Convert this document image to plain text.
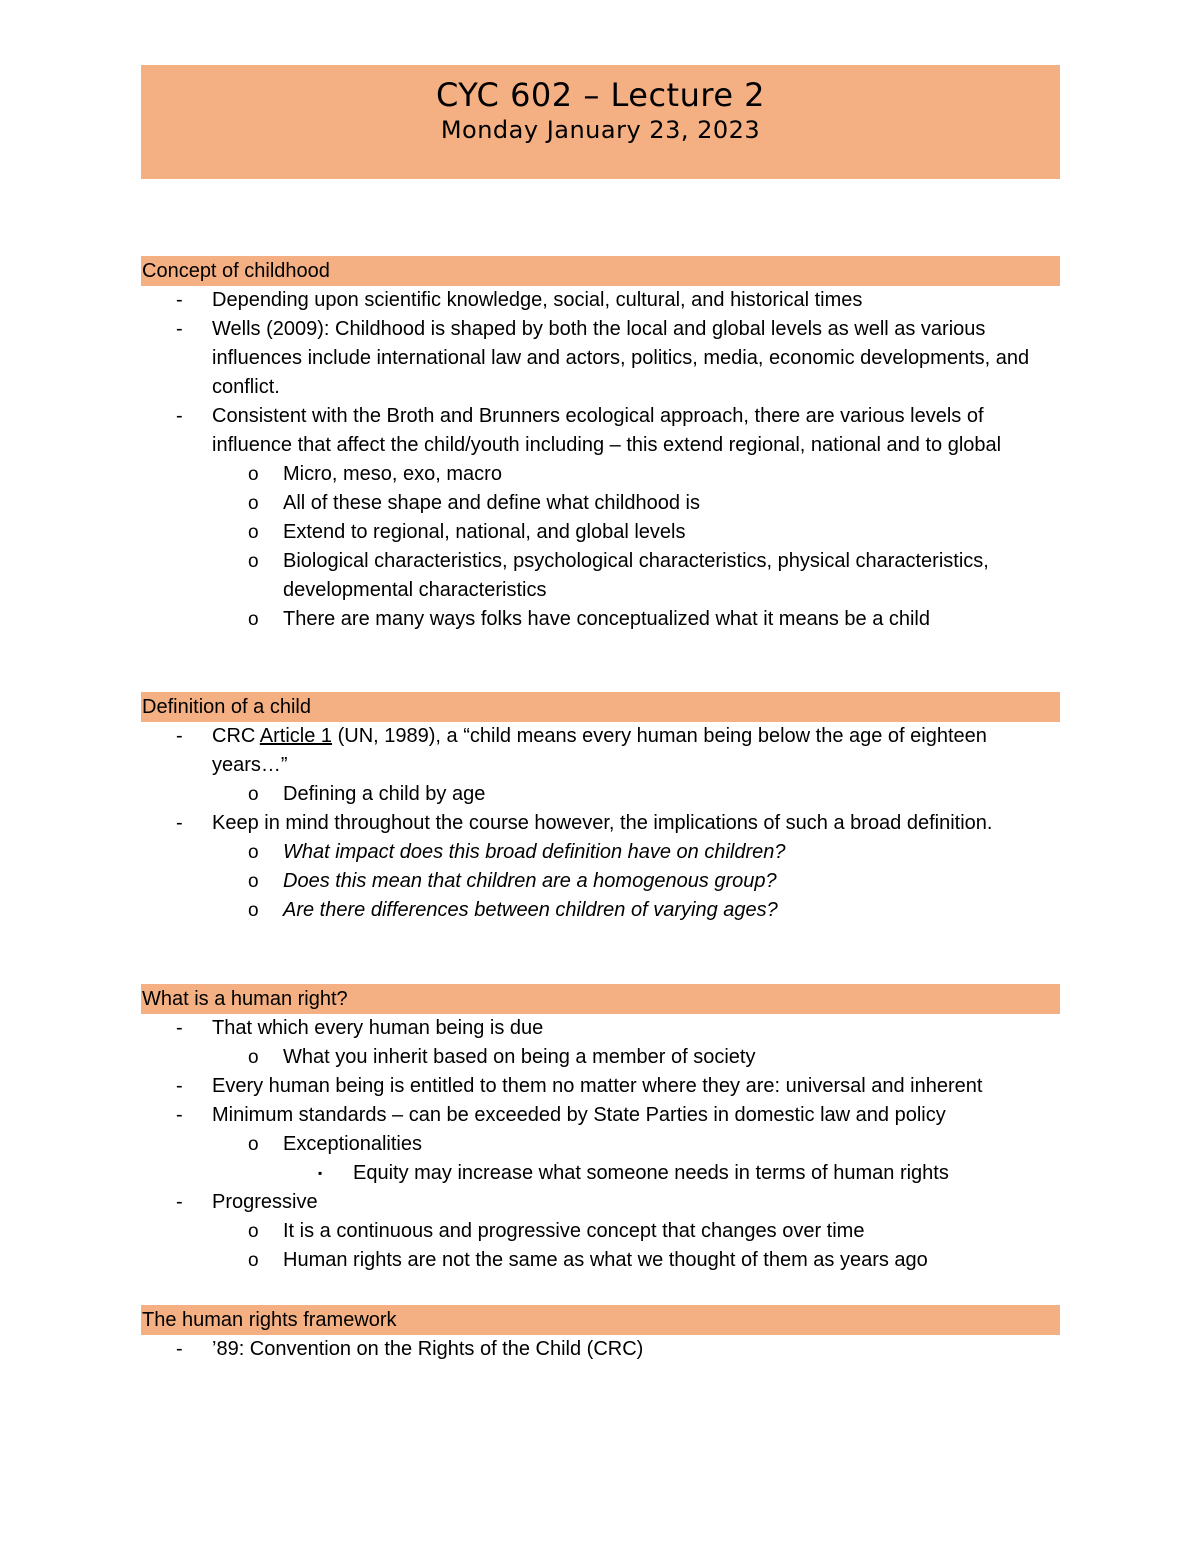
CYC 602 – Lecture 2
Monday January 23, 2023
Concept of childhood
-	Depending upon scientific knowledge, social, cultural, and historical times
-	Wells (2009): Childhood is shaped by both the local and global levels as well as various influences include international law and actors, politics, media, economic developments, and conflict.
-	Consistent with the Broth and Brunners ecological approach, there are various levels of influence that affect the child/youth including – this extend regional, national and to global
o	Micro, meso, exo, macro
o	All of these shape and define what childhood is
o	Extend to regional, national, and global levels
o	Biological characteristics, psychological characteristics, physical characteristics, developmental characteristics
o	There are many ways folks have conceptualized what it means be a child
Definition of a child
-	CRC Article 1 (UN, 1989), a “child means every human being below the age of eighteen years…”
o	Defining a child by age
-	Keep in mind throughout the course however, the implications of such a broad definition.
o	What impact does this broad definition have on children?
o	Does this mean that children are a homogenous group?
o	Are there differences between children of varying ages?
What is a human right?
-	That which every human being is due
o	What you inherit based on being a member of society
-	Every human being is entitled to them no matter where they are: universal and inherent
-	Minimum standards – can be exceeded by State Parties in domestic law and policy
o	Exceptionalities
▪	Equity may increase what someone needs in terms of human rights
-	Progressive
o	It is a continuous and progressive concept that changes over time
o	Human rights are not the same as what we thought of them as years ago
The human rights framework
-	’89: Convention on the Rights of the Child (CRC)
